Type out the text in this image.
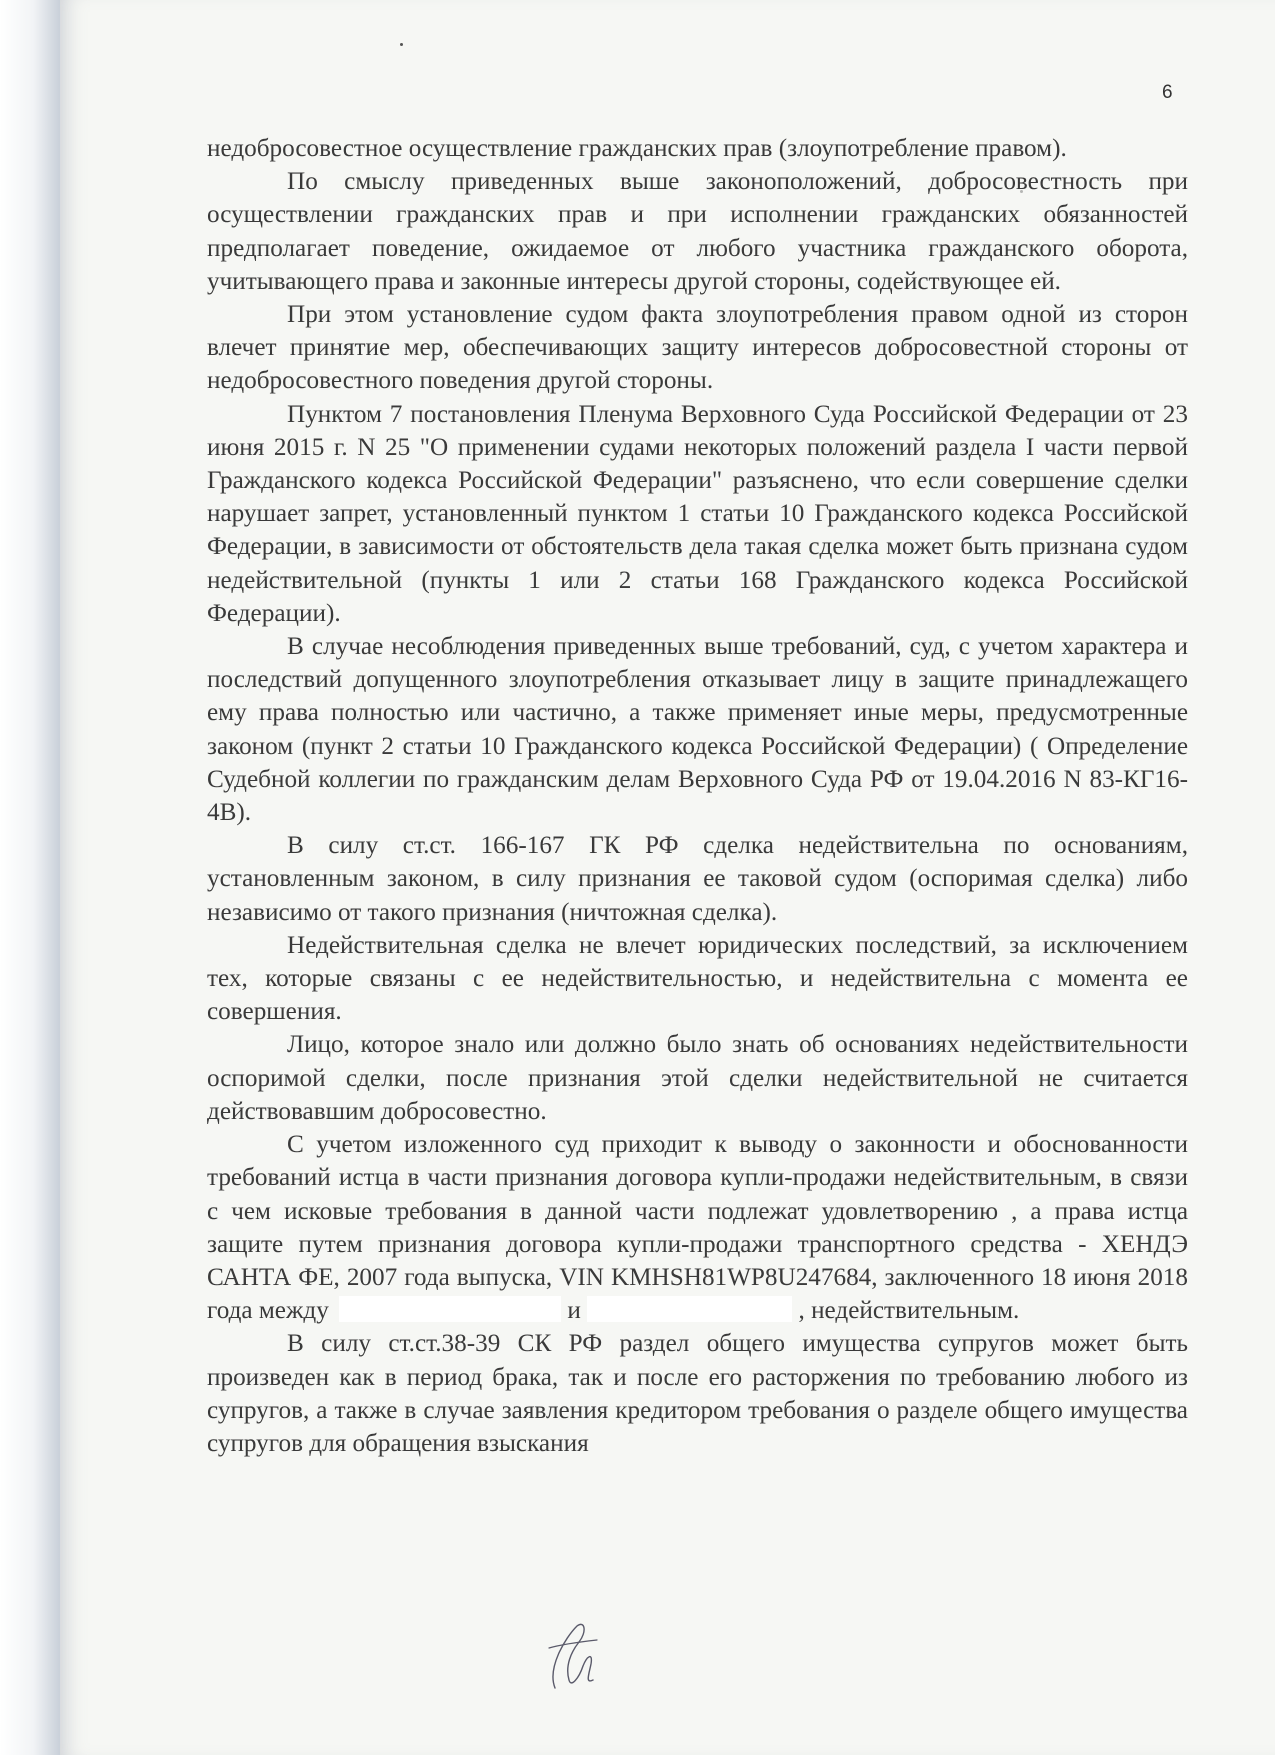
6

недобросовестное осуществление гражданских прав (злоупотребление правом).

По смыслу приведенных выше законоположений, добросовестность при осуществлении гражданских прав и при исполнении гражданских обязанностей предполагает поведение, ожидаемое от любого участника гражданского оборота, учитывающего права и законные интересы другой стороны, содействующее ей.

При этом установление судом факта злоупотребления правом одной из сторон влечет принятие мер, обеспечивающих защиту интересов добросовестной стороны от недобросовестного поведения другой стороны.

Пунктом 7 постановления Пленума Верховного Суда Российской Федерации от 23 июня 2015 г. N 25 "О применении судами некоторых положений раздела I части первой Гражданского кодекса Российской Федерации" разъяснено, что если совершение сделки нарушает запрет, установленный пунктом 1 статьи 10 Гражданского кодекса Российской Федерации, в зависимости от обстоятельств дела такая сделка может быть признана судом недействительной (пункты 1 или 2 статьи 168 Гражданского кодекса Российской Федерации).

В случае несоблюдения приведенных выше требований, суд, с учетом характера и последствий допущенного злоупотребления отказывает лицу в защите принадлежащего ему права полностью или частично, а также применяет иные меры, предусмотренные законом (пункт 2 статьи 10 Гражданского кодекса Российской Федерации) ( Определение Судебной коллегии по гражданским делам Верховного Суда РФ от 19.04.2016 N 83-КГ16-4В).

В силу ст.ст. 166-167 ГК РФ сделка недействительна по основаниям, установленным законом, в силу признания ее таковой судом (оспоримая сделка) либо независимо от такого признания (ничтожная сделка).

Недействительная сделка не влечет юридических последствий, за исключением тех, которые связаны с ее недействительностью, и недействительна с момента ее совершения.

Лицо, которое знало или должно было знать об основаниях недействительности оспоримой сделки, после признания этой сделки недействительной не считается действовавшим добросовестно.

С учетом изложенного суд приходит к выводу о законности и обоснованности требований истца в части признания договора купли-продажи недействительным, в связи с чем исковые требования в данной части подлежат удовлетворению , а права истца защите путем признания договора купли-продажи транспортного средства - ХЕНДЭ САНТА ФЕ, 2007 года выпуска, VIN KMHSH81WP8U247684, заключенного 18 июня 2018 года между	и	, недействительным.

В силу ст.ст.38-39 СК РФ раздел общего имущества супругов может быть произведен как в период брака, так и после его расторжения по требованию любого из супругов, а также в случае заявления кредитором требования о разделе общего имущества супругов для обращения взыскания
